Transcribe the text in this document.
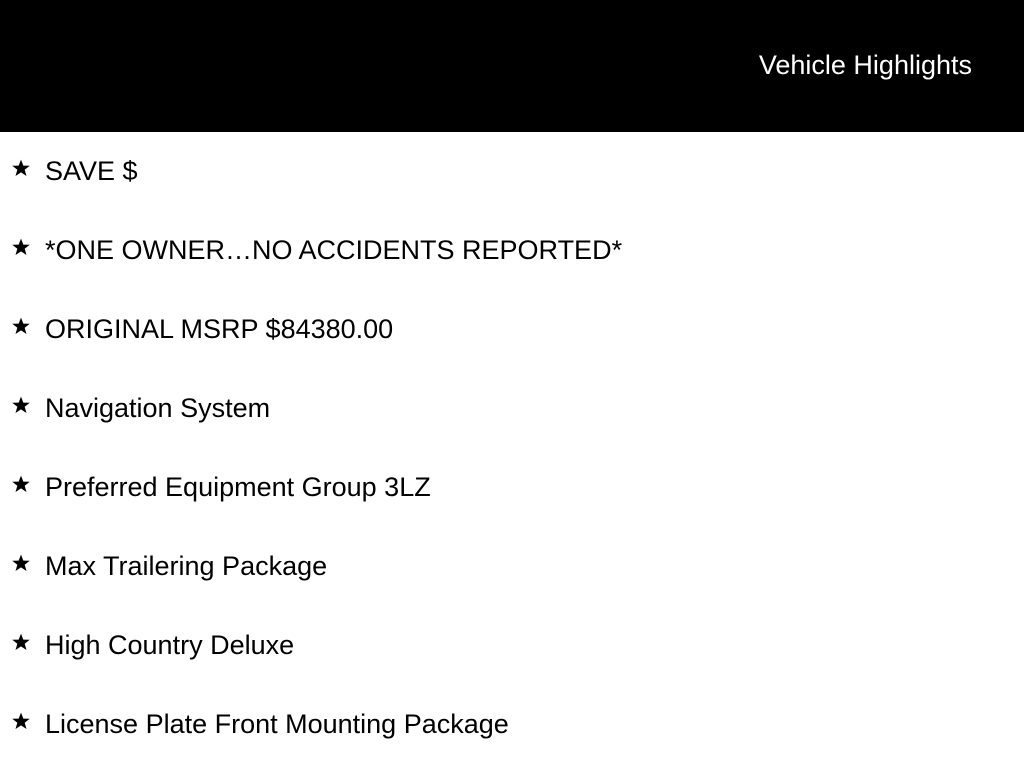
Vehicle Highlights
SAVE $
*ONE OWNER…NO ACCIDENTS REPORTED*
ORIGINAL MSRP $84380.00
Navigation System
Preferred Equipment Group 3LZ
Max Trailering Package
High Country Deluxe
License Plate Front Mounting Package
